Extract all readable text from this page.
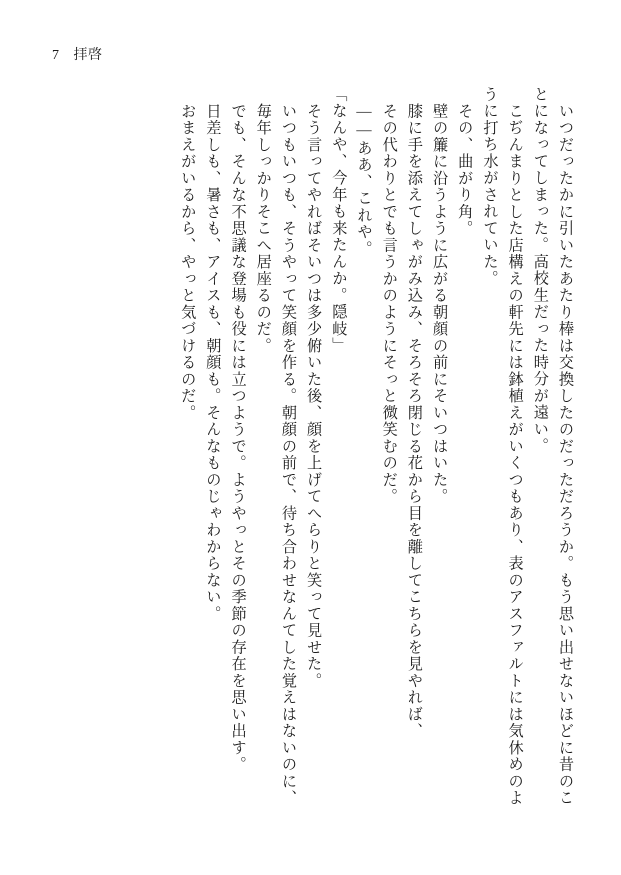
7 拝啓
いつだったかに引いたあたり棒は交換したのだっただろうか。もう思い出せないほどに昔のこ
とになってしまった。高校生だった時分が遠い。
こぢんまりとした店構えの軒先には鉢植えがいくつもあり、表のアスファルトには気休めのよ
うに打ち水がされていた。
その、曲がり角。
壁の簾に沿うように広がる朝顔の前にそいつはいた。
膝に手を添えてしゃがみ込み、そろそろ閉じる花から目を離してこちらを見やれば、
その代わりとでも言うかのようにそっと微笑むのだ。
——ああ、これや。
「なんや、今年も来たんか。隠岐」
そう言ってやればそいつは多少俯いた後、顔を上げてへらりと笑って見せた。
いつもいつも、そうやって笑顔を作る。朝顔の前で、待ち合わせなんてした覚えはないのに、
毎年しっかりそこへ居座るのだ。
でも、そんな不思議な登場も役には立つようで。ようやっとその季節の存在を思い出す。
日差しも、暑さも、アイスも、朝顔も。そんなものじゃわからない。
おまえがいるから、やっと気づけるのだ。
